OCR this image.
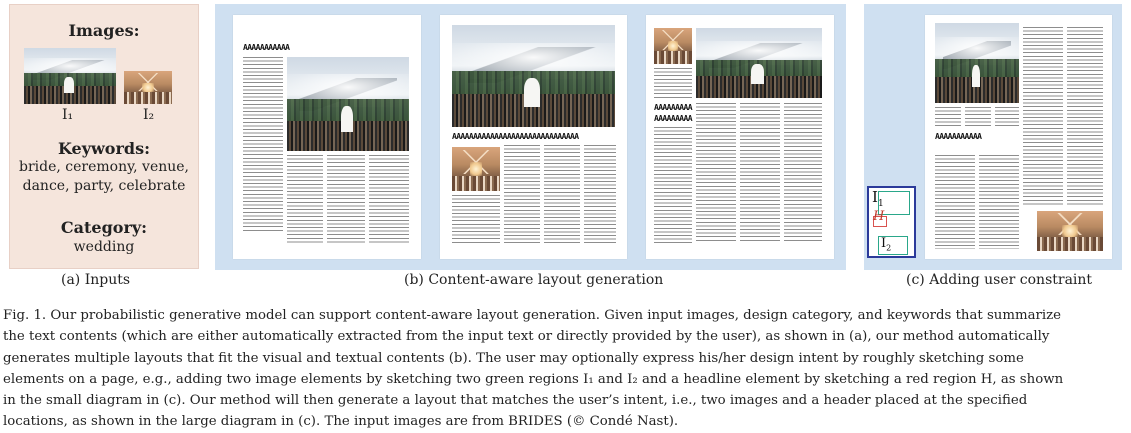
Images:
I₁	I₂
Keywords:
bride, ceremony, venue,
dance, party, celebrate
Category:
wedding
AAAAAAAAAAA
AAAAAAAAAAAAAAAAAAAAAAAAAAAAAA
AAAAAAAAA
AAAAAAAAA
AAAAAAAAAAA
$I_1$
H
$I_2$
(a) Inputs	(b) Content-aware layout generation	(c) Adding user constraint
Fig. 1. Our probabilistic generative model can support content-aware layout generation. Given input images, design category, and keywords that summarize
the text contents (which are either automatically extracted from the input text or directly provided by the user), as shown in (a), our method automatically
generates multiple layouts that fit the visual and textual contents (b). The user may optionally express his/her design intent by roughly sketching some
elements on a page, e.g., adding two image elements by sketching two green regions I₁ and I₂ and a headline element by sketching a red region H, as shown
in the small diagram in (c). Our method will then generate a layout that matches the user’s intent, i.e., two images and a header placed at the specified
locations, as shown in the large diagram in (c). The input images are from BRIDES (© Condé Nast).
